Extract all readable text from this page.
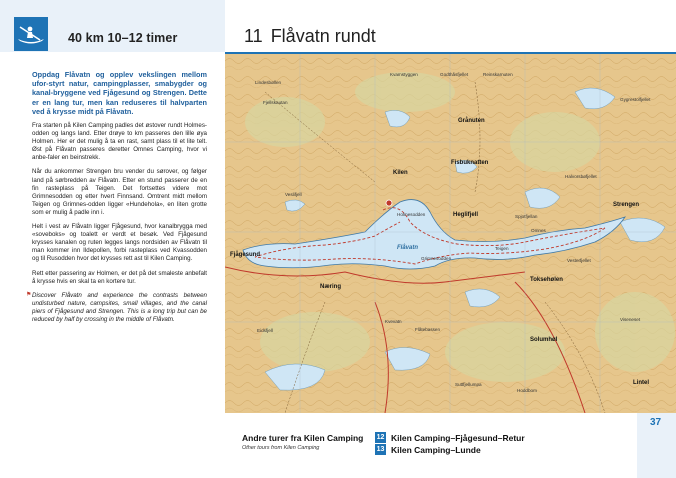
40 km 10–12 timer	11 Flåvatn rundt

Oppdag Flåvatn og opplev vekslingen mellom ufor-styrt natur, campingplasser, smabygder og kanal-bryggene ved Fjågesund og Strengen. Dette er en lang tur, men kan reduseres til halvparten ved å krysse midt på Flåvatn.

Fra starten på Kilen Camping padles det østover rundt Holmes-odden og langs land. Etter drøye to km passeres den lille øya Holmen. Her er det mulig å ta en rast, samt plass til et lite telt. Øst på Flåvatn passeres deretter Omnes Camping, hvor vi anbe-faler en beinstrekk.

Når du ankommer Strengen bru vender du sørover, og følger land på sørbredden av Flåvatn. Etter en stund passerer de en fin rasteplass på Teigen. Det fortsettes videre mot Grimnesodden og etter hvert Finnsand. Omtrent midt mellom Teigen og Grimnes-odden ligger «Hundehola», en liten grotte som er mulig å padle inn i.

Helt i vest av Flåvatn ligger Fjågesund, hvor kanalbrygga med «soveboks» og toalett er verdt et besøk. Ved Fjågesund krysses kanalen og ruten legges langs nordsiden av Flåvatn til man kommer inn Ildepollen, forbi rasteplass ved Kvassodden og til Rusodden hvor det krysses rett ast til Kilen Camping.

Rett etter passering av Holmen, er det på det smaleste anbefalt å krysse hvis en skal ta en kortere tur.

⚑ Discover Flåvatn and experience the contrasts between undisturbed nature, campsites, small villages, and the canal piers of Fjågesund and Strengen. This is a long trip but can be reduced by half by crossing in the middle of Flåvatn.

Flåvatn
Lindesbøllen
Fjellskautan
Kvamstyggen	Godthåsfjellet	Reinskarnuten
Gygrestolfjellet
Grånuten
Fisbuknatten
Kilen
Holmesodden	Heglifjell
Fjågesund
Strengen
Næring
Flåtebassen
Toksehølen
Solumhøl
Suttfjellumpa
Hoddbom
Lintel
Spjotfjellan
Grimnesodden
Teigen
Omnes
Vesterfjellet
Kvevatn
Veslifjell
Halvorsbøfjellet
Eidsfjell
Viseneset
Andre turer fra Kilen Camping
Other tours from Kilen Camping
12 Kilen Camping–Fjågesund–Retur
13 Kilen Camping–Lunde
37
